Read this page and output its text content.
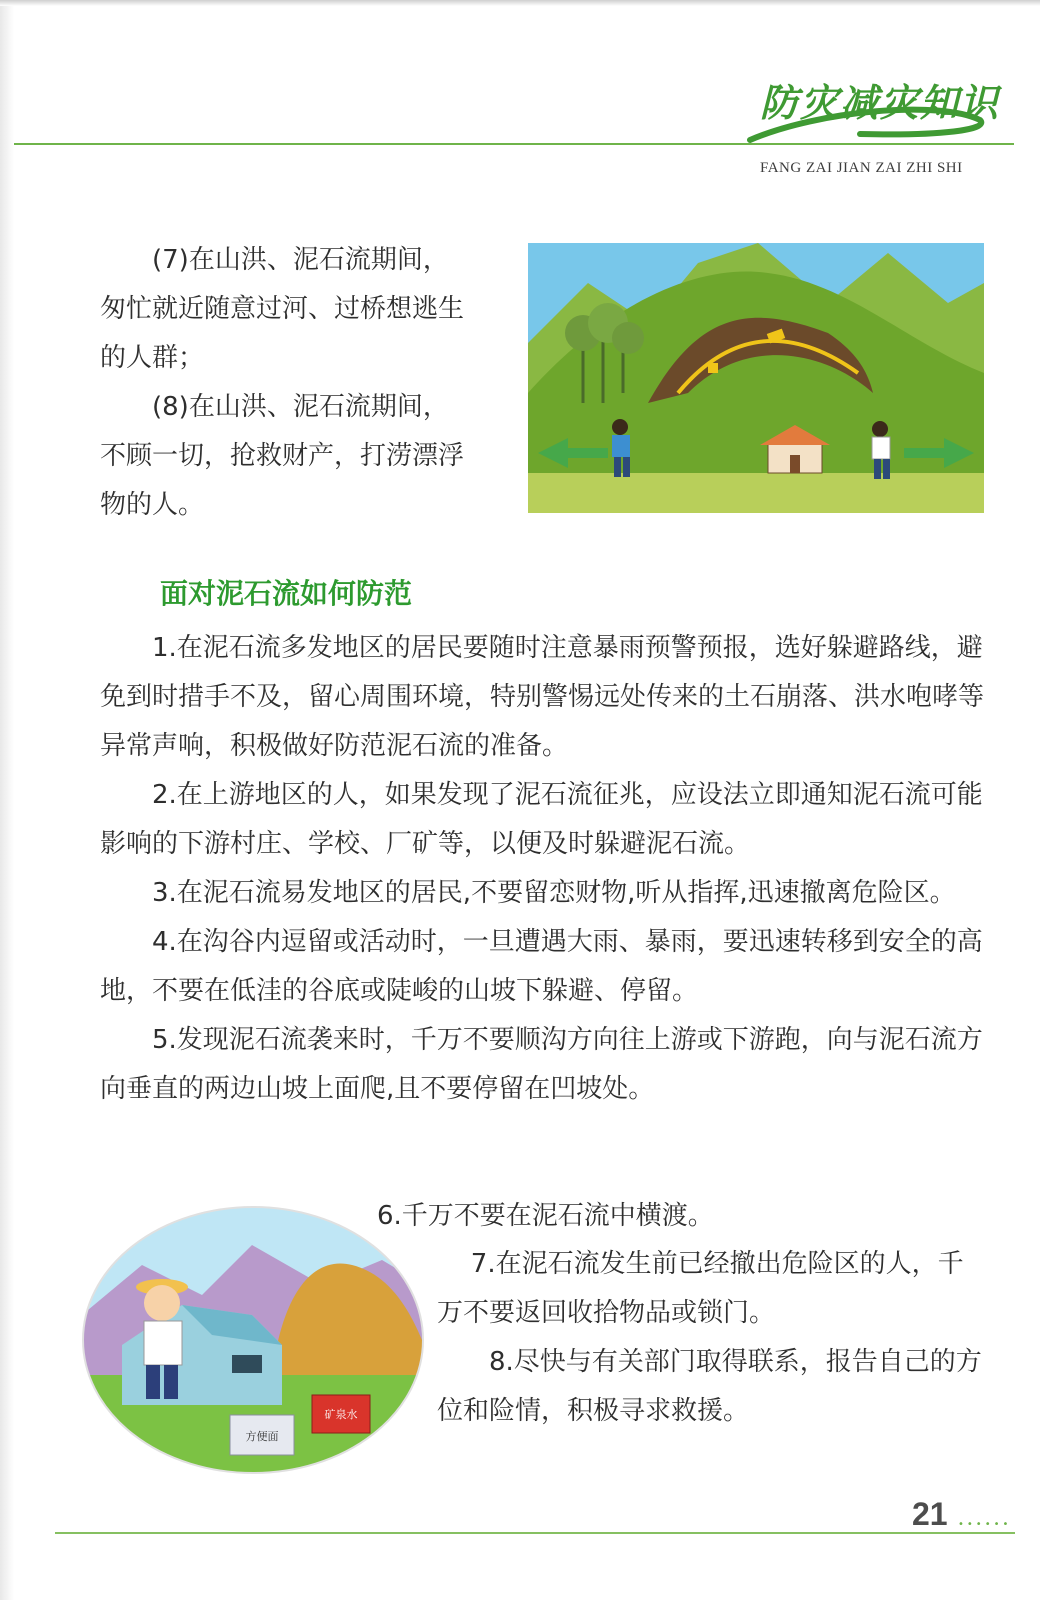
防灾减灾知识
FANG ZAI JIAN ZAI ZHI SHI

(7)在山洪、泥石流期间，匆忙就近随意过河、过桥想逃生的人群；

(8)在山洪、泥石流期间，不顾一切，抢救财产，打涝漂浮物的人。

面对泥石流如何防范

1.在泥石流多发地区的居民要随时注意暴雨预警预报，选好躲避路线，避免到时措手不及，留心周围环境，特别警惕远处传来的土石崩落、洪水咆哮等异常声响，积极做好防范泥石流的准备。

2.在上游地区的人，如果发现了泥石流征兆，应设法立即通知泥石流可能影响的下游村庄、学校、厂矿等，以便及时躲避泥石流。

3.在泥石流易发地区的居民,不要留恋财物,听从指挥,迅速撤离危险区。

4.在沟谷内逗留或活动时，一旦遭遇大雨、暴雨，要迅速转移到安全的高地，不要在低洼的谷底或陡峻的山坡下躲避、停留。

5.发现泥石流袭来时，千万不要顺沟方向往上游或下游跑，向与泥石流方向垂直的两边山坡上面爬,且不要停留在凹坡处。

方便面
矿泉水
6.千万不要在泥石流中横渡。
7.在泥石流发生前已经撤出危险区的人，千万不要返回收拾物品或锁门。
8.尽快与有关部门取得联系，报告自己的方位和险情，积极寻求救援。
21 ••••••
